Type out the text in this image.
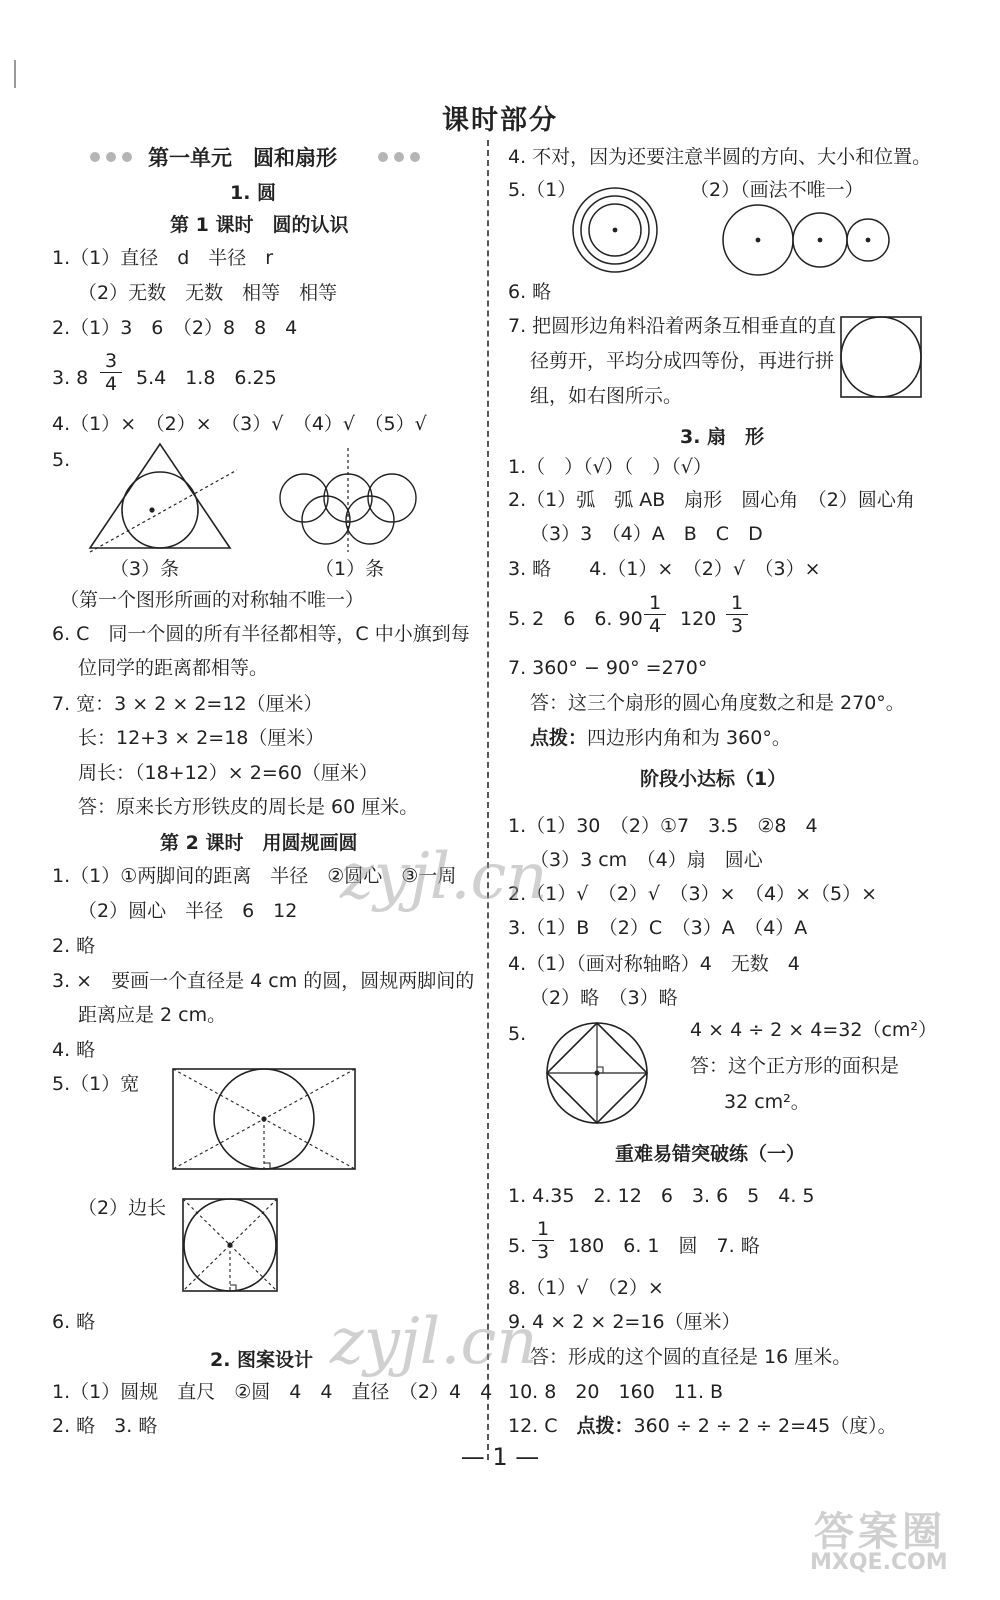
课时部分
第一单元　圆和扇形
1. 圆
第 1 课时　圆的认识
1.（1）直径　d　半径　r
（2）无数　无数　相等　相等
2.（1）3　6　（2）8　8　4
3. $8 \frac{3}{4} 5.4$　1.8　6.25
4.（1）×　（2）×　（3）√　（4）√　（5）√
5.
（3）条	（1）条
（第一个图形所画的对称轴不唯一）
6. C　同一个圆的所有半径都相等，C 中小旗到每
位同学的距离都相等。
7. 宽：3 × 2 × 2=12（厘米）
长：12+3 × 2=18（厘米）
周长：（18+12）× 2=60（厘米）
答：原来长方形铁皮的周长是 60 厘米。
第 2 课时　用圆规画圆
1.（1）①两脚间的距离　半径　②圆心　③一周
（2）圆心　半径　6　12
2. 略
3. ×　要画一个直径是 4 cm 的圆，圆规两脚间的
距离应是 2 cm。
4. 略
5.（1）宽
（2）边长
6. 略
2. 图案设计
1.（1）圆规　直尺　②圆　4　4　直径　（2）4　4
2. 略　3. 略
4. 不对，因为还要注意半圆的方向、大小和位置。
5.（1）	（2）（画法不唯一）
6. 略
7. 把圆形边角料沿着两条互相垂直的直
径剪开，平均分成四等份，再进行拼
组，如右图所示。
3. 扇　形
1.（　）（√）（　）（√）
2.（1）弧　弧 AB　扇形　圆心角　（2）圆心角
（3）3　（4）A　B　C　D
3. 略　　4.（1）×　（2）√　（3）×
5. 2　6　6. $90 \frac{1}{4} 120 \frac{1}{3}$
7. 360° − 90° =270°
答：这三个扇形的圆心角度数之和是 270°。
点拨：四边形内角和为 360°。
阶段小达标（1）
1.（1）30　（2）①7　3.5　②8　4
（3）3 cm　（4）扇　圆心
2.（1）√　（2）√　（3）×　（4）×（5）×
3.（1）B　（2）C　（3）A　（4）A
4.（1）（画对称轴略）4　无数　4
（2）略　（3）略
5.	4 × 4 ÷ 2 × 4=32（cm²）
答：这个正方形的面积是
32 cm²。
重难易错突破练（一）
1. 4.35　2. 12　6　3. 6　5　4. 5
5. $\frac{1}{3} 180$　6. 1　圆　7. 略
8.（1）√　（2）×
9. 4 × 2 × 2=16（厘米）
答：形成的这个圆的直径是 16 厘米。
10. 8　20　160　11. B
12. C　点拨：360 ÷ 2 ÷ 2 ÷ 2=45（度）。
— 1 —
zyjl.cn
zyjl.cn
答案圈
MXQE.COM
